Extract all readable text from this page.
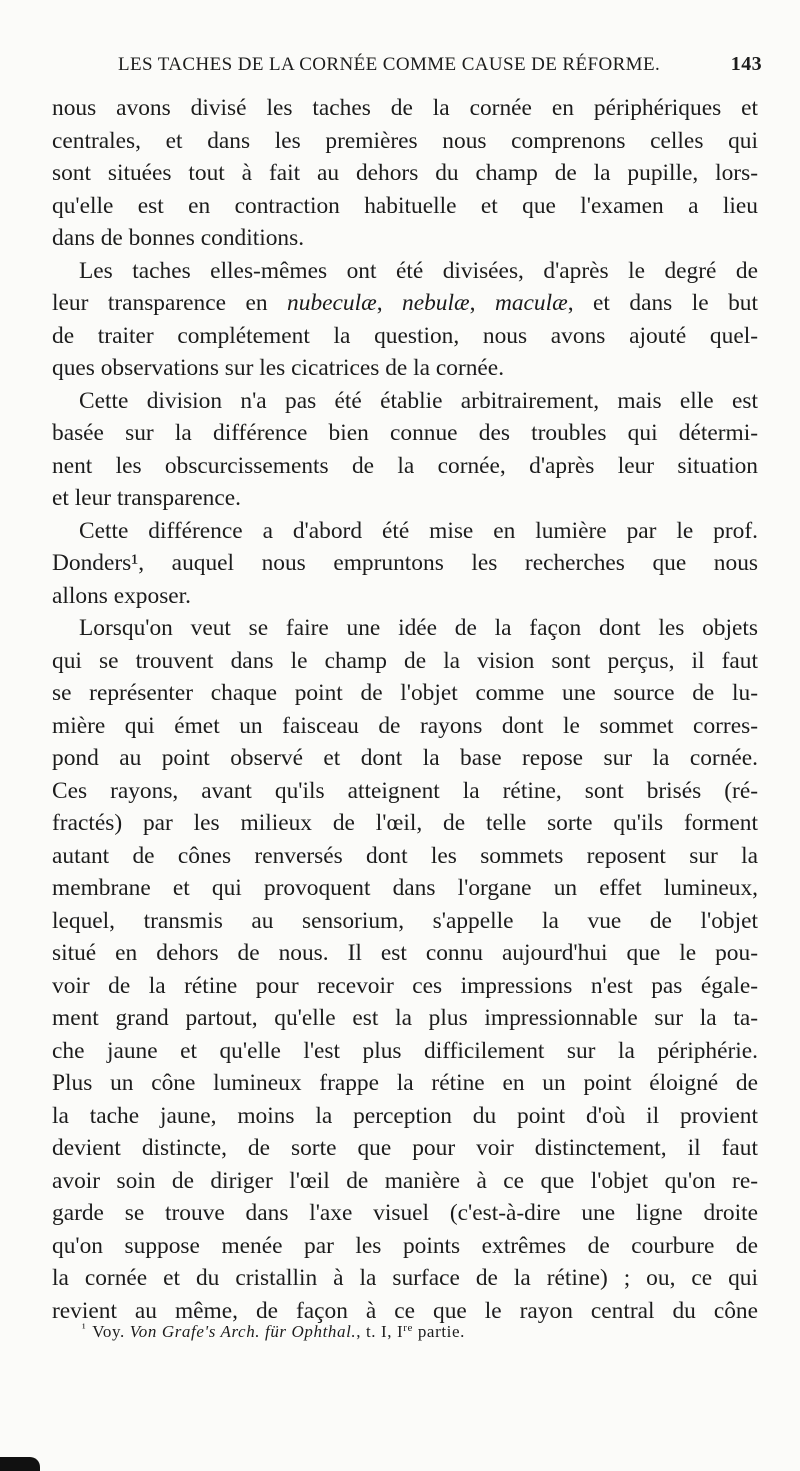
LES TACHES DE LA CORNÉE COMME CAUSE DE RÉFORME.	143
nous avons divisé les taches de la cornée en périphériques et
centrales, et dans les premières nous comprenons celles qui
sont situées tout à fait au dehors du champ de la pupille, lors-
qu'elle est en contraction habituelle et que l'examen a lieu
dans de bonnes conditions.
Les taches elles-mêmes ont été divisées, d'après le degré de
leur transparence en nubeculæ, nebulæ, maculæ, et dans le but
de traiter complétement la question, nous avons ajouté quel-
ques observations sur les cicatrices de la cornée.
Cette division n'a pas été établie arbitrairement, mais elle est
basée sur la différence bien connue des troubles qui détermi-
nent les obscurcissements de la cornée, d'après leur situation
et leur transparence.
Cette différence a d'abord été mise en lumière par le prof.
Donders¹, auquel nous empruntons les recherches que nous
allons exposer.
Lorsqu'on veut se faire une idée de la façon dont les objets
qui se trouvent dans le champ de la vision sont perçus, il faut
se représenter chaque point de l'objet comme une source de lu-
mière qui émet un faisceau de rayons dont le sommet corres-
pond au point observé et dont la base repose sur la cornée.
Ces rayons, avant qu'ils atteignent la rétine, sont brisés (ré-
fractés) par les milieux de l'œil, de telle sorte qu'ils forment
autant de cônes renversés dont les sommets reposent sur la
membrane et qui provoquent dans l'organe un effet lumineux,
lequel, transmis au sensorium, s'appelle la vue de l'objet
situé en dehors de nous. Il est connu aujourd'hui que le pou-
voir de la rétine pour recevoir ces impressions n'est pas égale-
ment grand partout, qu'elle est la plus impressionnable sur la ta-
che jaune et qu'elle l'est plus difficilement sur la périphérie.
Plus un cône lumineux frappe la rétine en un point éloigné de
la tache jaune, moins la perception du point d'où il provient
devient distincte, de sorte que pour voir distinctement, il faut
avoir soin de diriger l'œil de manière à ce que l'objet qu'on re-
garde se trouve dans l'axe visuel (c'est-à-dire une ligne droite
qu'on suppose menée par les points extrêmes de courbure de
la cornée et du cristallin à la surface de la rétine) ; ou, ce qui
revient au même, de façon à ce que le rayon central du cône
$^{^1}$ Voy. Von Grafe's Arch. für Ophthal., t. I, Ire partie.
